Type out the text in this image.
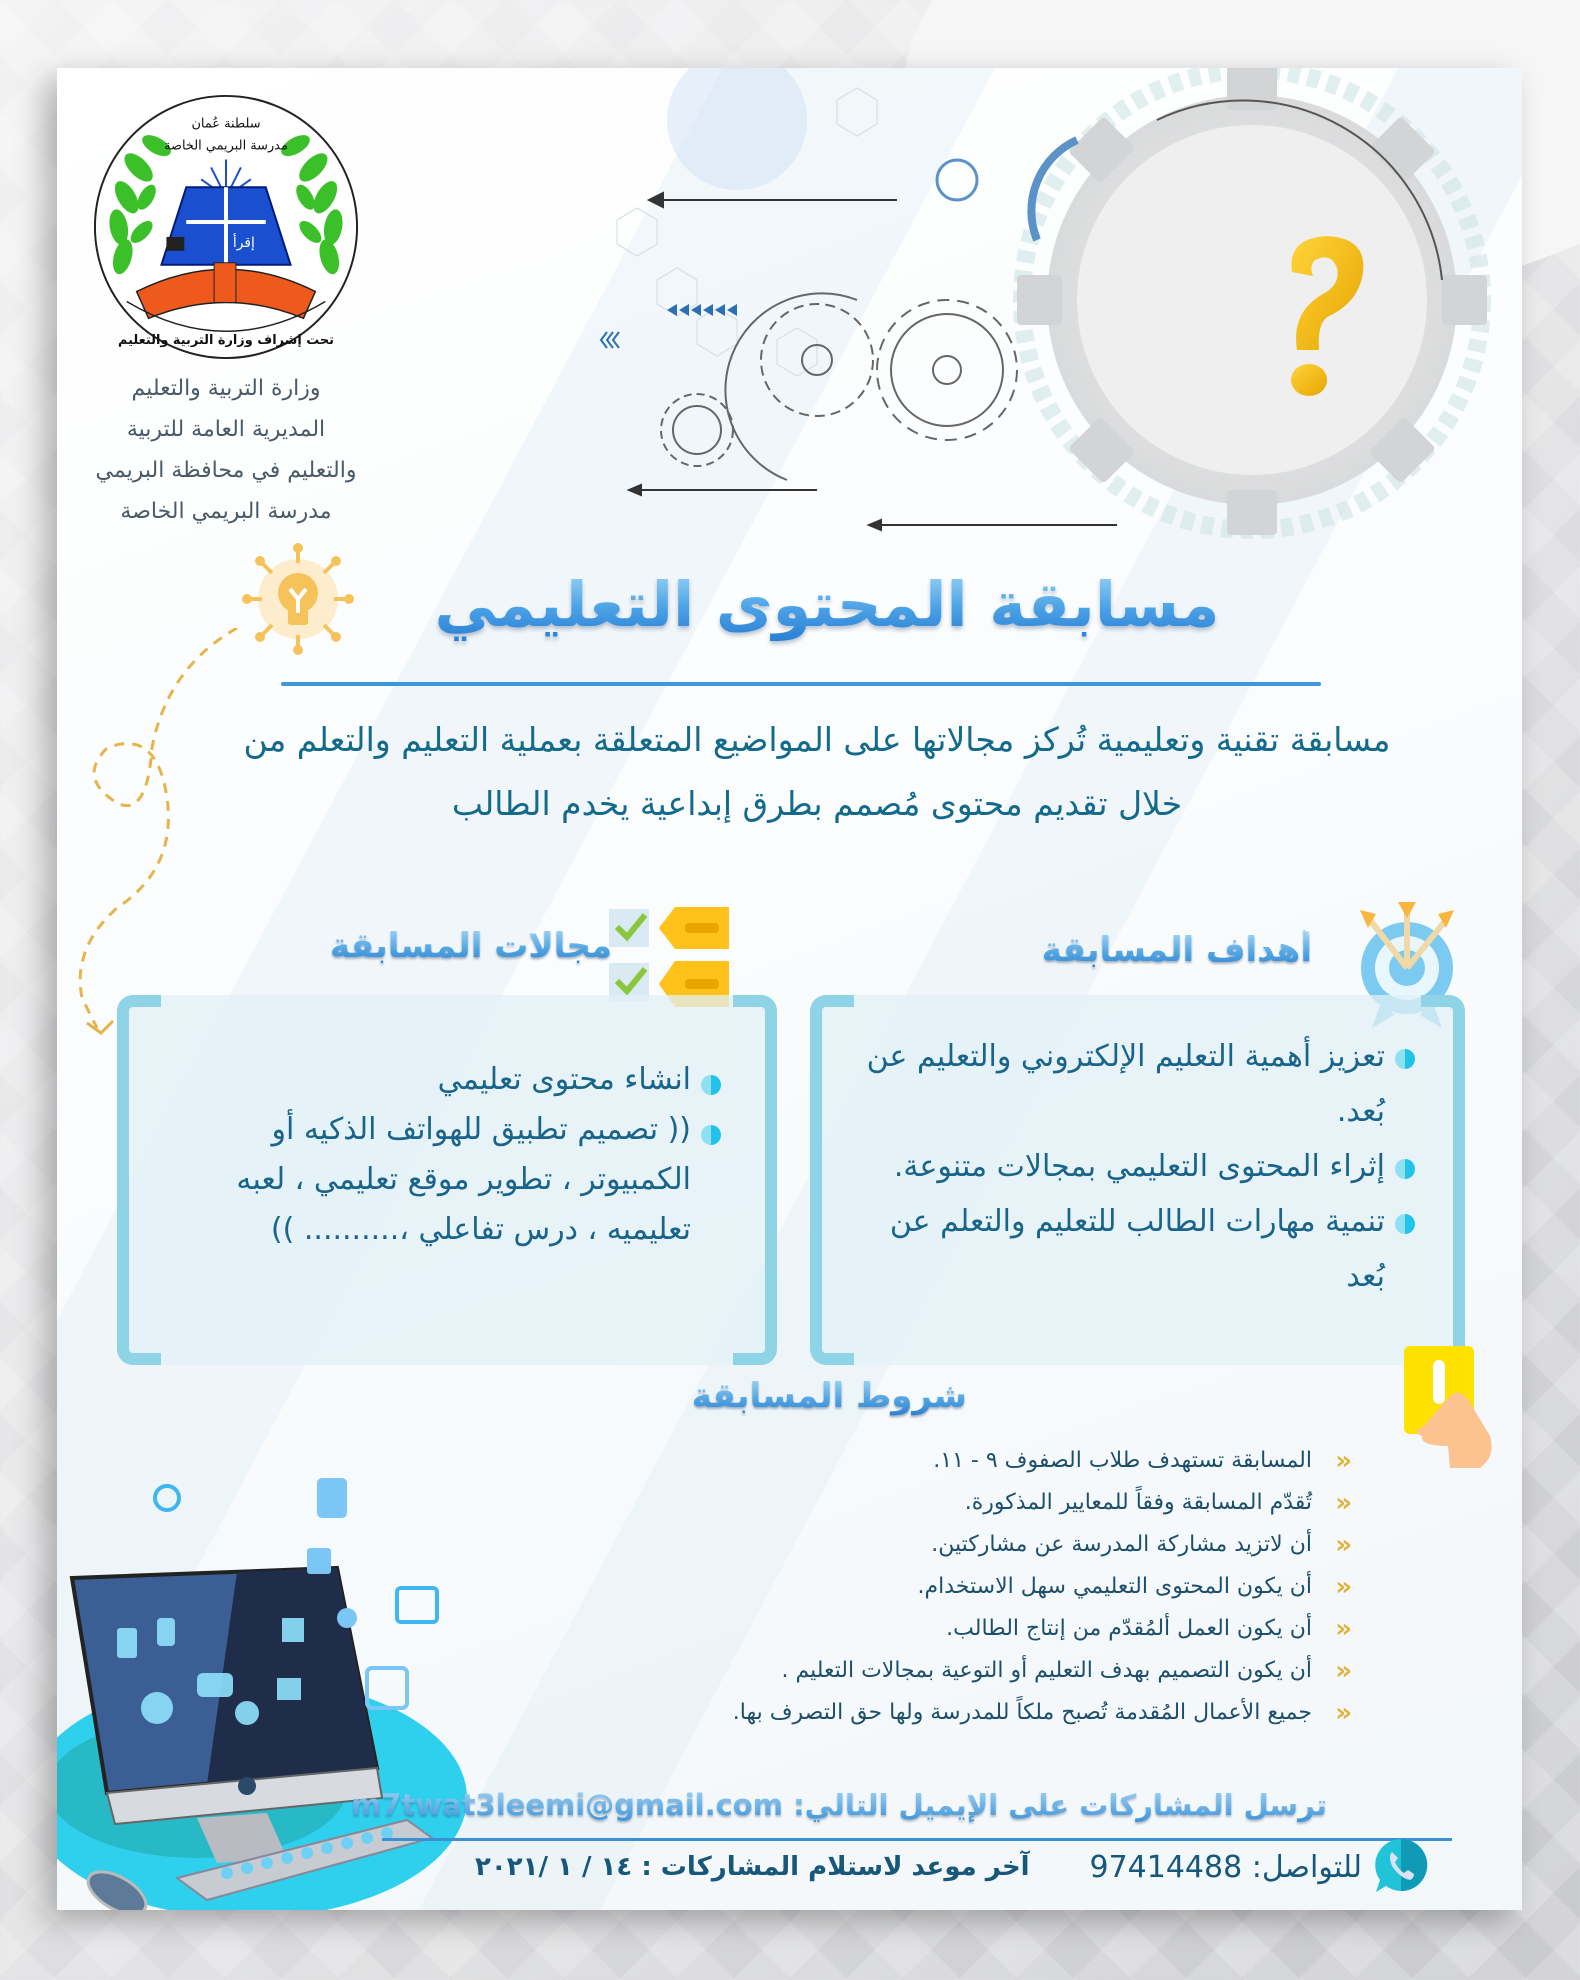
سلطنة عُمان
مدرسة البريمي الخاصة
إقرأ
تحت إشراف وزارة التربية والتعليم
وزارة التربية والتعليم
المديرية العامة للتربية
والتعليم في محافظة البريمي
مدرسة البريمي الخاصة
مسابقة المحتوى التعليمي
مسابقة تقنية وتعليمية تُركز مجالاتها على المواضيع المتعلقة بعملية التعليم والتعلم من خلال تقديم محتوى مُصمم بطرق إبداعية يخدم الطالب
أهداف المسابقة
تعزيز أهمية التعليم الإلكتروني والتعليم عن بُعد.
إثراء المحتوى التعليمي بمجالات متنوعة.
تنمية مهارات الطالب للتعليم والتعلم عن بُعد
مجالات المسابقة
انشاء محتوى تعليمي
(( تصميم تطبيق للهواتف الذكيه أو الكمبيوتر ، تطوير موقع تعليمي ، لعبه تعليميه ، درس تفاعلي ،.......... ))
شروط المسابقة
«
المسابقة تستهدف طلاب الصفوف ٩ - ١١.
«
تُقدّم المسابقة وفقاً للمعايير المذكورة.
«
أن لاتزيد مشاركة المدرسة عن مشاركتين.
«
أن يكون المحتوى التعليمي سهل الاستخدام.
«
أن يكون العمل ألمُقدّم من إنتاج الطالب.
«
أن يكون التصميم بهدف التعليم أو التوعية بمجالات التعليم .
«
جميع الأعمال المُقدمة تُصبح ملكاً للمدرسة ولها حق التصرف بها.
ترسل المشاركات على الإيميل التالي: m7twat3leemi@gmail.com
للتواصل: 97414488
آخر موعد لاستلام المشاركات : ١٤ / ١ /٢٠٢١
